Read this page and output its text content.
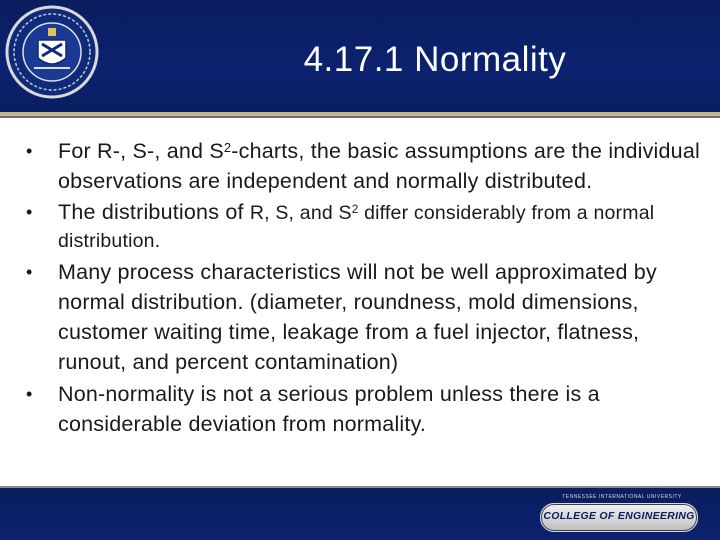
4.17.1 Normality
•	For R-, S-, and $S^2$-charts, the basic assumptions are the individual observations are independent and normally distributed.
•	The distributions of R, S, and $S^2$ differ considerably from a normal distribution.
•	Many process characteristics will not be well approximated by normal distribution. (diameter, roundness, mold dimensions, customer waiting time, leakage from a fuel injector, flatness, runout, and percent contamination)
•	Non-normality is not a serious problem unless there is a considerable deviation from normality.
TENNESSEE INTERNATIONAL UNIVERSITY
COLLEGE OF ENGINEERING
